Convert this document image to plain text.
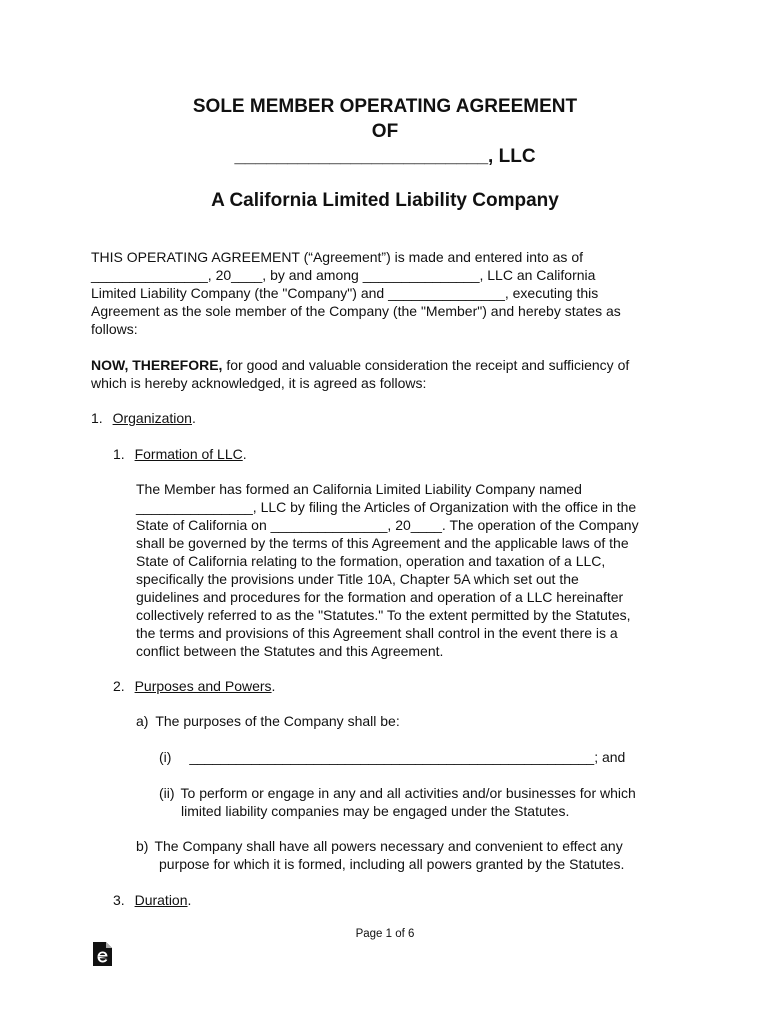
SOLE MEMBER OPERATING AGREEMENT
OF
________________________, LLC
A California Limited Liability Company
THIS OPERATING AGREEMENT (“Agreement”) is made and entered into as of
_______________, 20____, by and among _______________, LLC an California
Limited Liability Company (the "Company") and _______________, executing this
Agreement as the sole member of the Company (the "Member") and hereby states as
follows:
NOW, THEREFORE, for good and valuable consideration the receipt and sufficiency of
which is hereby acknowledged, it is agreed as follows:
1. Organization.
1. Formation of LLC.
The Member has formed an California Limited Liability Company named
_______________, LLC by filing the Articles of Organization with the office in the
State of California on _______________, 20____. The operation of the Company
shall be governed by the terms of this Agreement and the applicable laws of the
State of California relating to the formation, operation and taxation of a LLC,
specifically the provisions under Title 10A, Chapter 5A which set out the
guidelines and procedures for the formation and operation of a LLC hereinafter
collectively referred to as the "Statutes." To the extent permitted by the Statutes,
the terms and provisions of this Agreement shall control in the event there is a
conflict between the Statutes and this Agreement.
2. Purposes and Powers.
a) The purposes of the Company shall be:
(i) ____________________________________________________; and
(ii) To perform or engage in any and all activities and/or businesses for which
limited liability companies may be engaged under the Statutes.
b) The Company shall have all powers necessary and convenient to effect any
purpose for which it is formed, including all powers granted by the Statutes.
3. Duration.
Page 1 of 6
